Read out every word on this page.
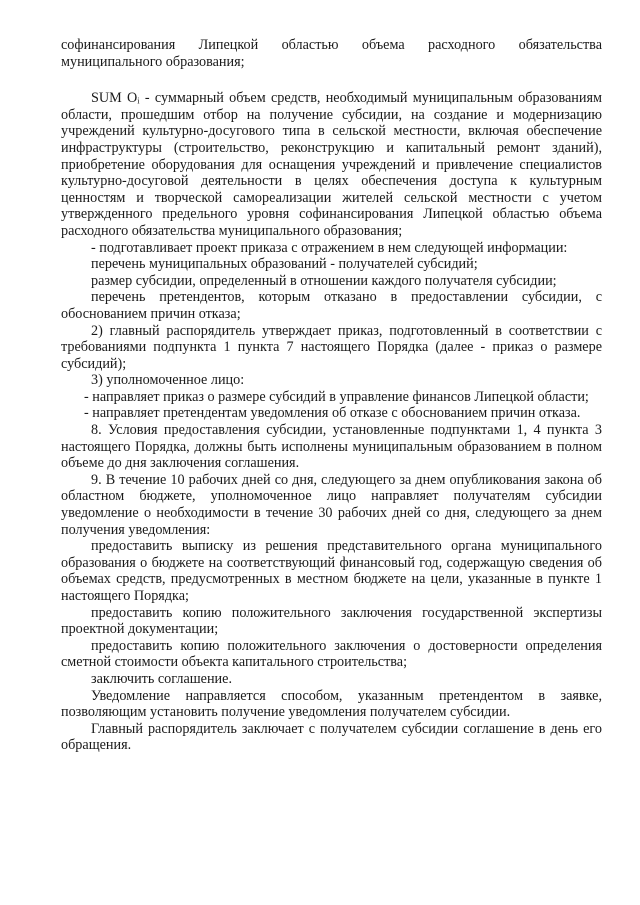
софинансирования Липецкой областью объема расходного обязательства муниципального образования;

SUM Oᵢ - суммарный объем средств, необходимый муниципальным образованиям области, прошедшим отбор на получение субсидии, на создание и модернизацию учреждений культурно-досугового типа в сельской местности, включая обеспечение инфраструктуры (строительство, реконструкцию и капитальный ремонт зданий), приобретение оборудования для оснащения учреждений и привлечение специалистов культурно-досуговой деятельности в целях обеспечения доступа к культурным ценностям и творческой самореализации жителей сельской местности с учетом утвержденного предельного уровня софинансирования Липецкой областью объема расходного обязательства муниципального образования;

- подготавливает проект приказа с отражением в нем следующей информации:

перечень муниципальных образований - получателей субсидий;

размер субсидии, определенный в отношении каждого получателя субсидии;

перечень претендентов, которым отказано в предоставлении субсидии, с обоснованием причин отказа;

2) главный распорядитель утверждает приказ, подготовленный в соответствии с требованиями подпункта 1 пункта 7 настоящего Порядка (далее - приказ о размере субсидий);

3) уполномоченное лицо:

- направляет приказ о размере субсидий в управление финансов Липецкой области;

- направляет претендентам уведомления об отказе с обоснованием причин отказа.

8. Условия предоставления субсидии, установленные подпунктами 1, 4 пункта 3 настоящего Порядка, должны быть исполнены муниципальным образованием в полном объеме до дня заключения соглашения.

9. В течение 10 рабочих дней со дня, следующего за днем опубликования закона об областном бюджете, уполномоченное лицо направляет получателям субсидии уведомление о необходимости в течение 30 рабочих дней со дня, следующего за днем получения уведомления:

предоставить выписку из решения представительного органа муниципального образования о бюджете на соответствующий финансовый год, содержащую сведения об объемах средств, предусмотренных в местном бюджете на цели, указанные в пункте 1 настоящего Порядка;

предоставить копию положительного заключения государственной экспертизы проектной документации;

предоставить копию положительного заключения о достоверности определения сметной стоимости объекта капитального строительства;

заключить соглашение.

Уведомление направляется способом, указанным претендентом в заявке, позволяющим установить получение уведомления получателем субсидии.

Главный распорядитель заключает с получателем субсидии соглашение в день его обращения.
